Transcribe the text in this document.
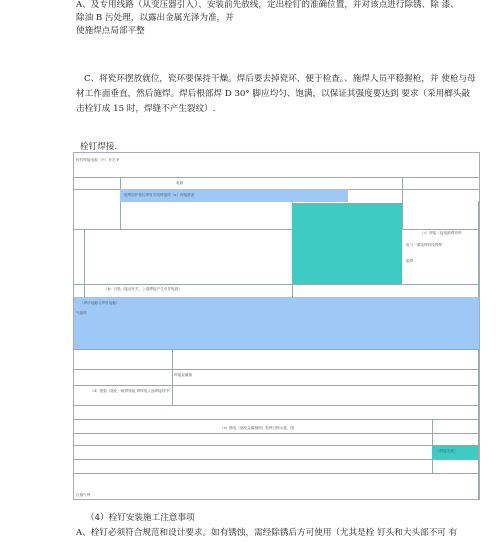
A、及专用线路（从变压器引入）、安装前先放线，定出栓钉的准确位置，并对该点进行除锈、除 漆、
除油 B 污处理，以露出金属光泽为准，并
使施焊点局部平整
C、将瓷环摆放就位，瓷环要保持干燥。焊后要去掉瓷环，便于检查。、施焊人员平稳握枪，并 使枪与母材工作面垂直，然后施焊。焊后根部焊 D 30° 脚应均匀、饱满，以保证其强度要达到 要求（采用榔头敲击栓钉成 15 时，焊缝不产生裂纹）.
栓钉焊接.
栓钉焊接电源（不）开关 P
电源
施焊前护栓钉焊材引线焊接焊（a）焊接准备
（c）焊接（接电源焊药焊
电与一面电焊材线焊焊
脱焊
（b）引弧（接动开关，上端焊接产生引导电源）
（焊后接触与焊材接触）
气熔焊
焊接金属熔
（d）熄弧（熔化一般焊钩接 焊焊电入涂焊接材中）
（e）断电（熔化金属凝固）栓焊过程示意、图
（焊接完成）
拉锚气焊
（4）栓钉安装施工注意事项
A、栓钉必须符合规范和设计要求。如有锈蚀，需经除锈后方可使用（尤其是栓 钉头和大头部不可 有
